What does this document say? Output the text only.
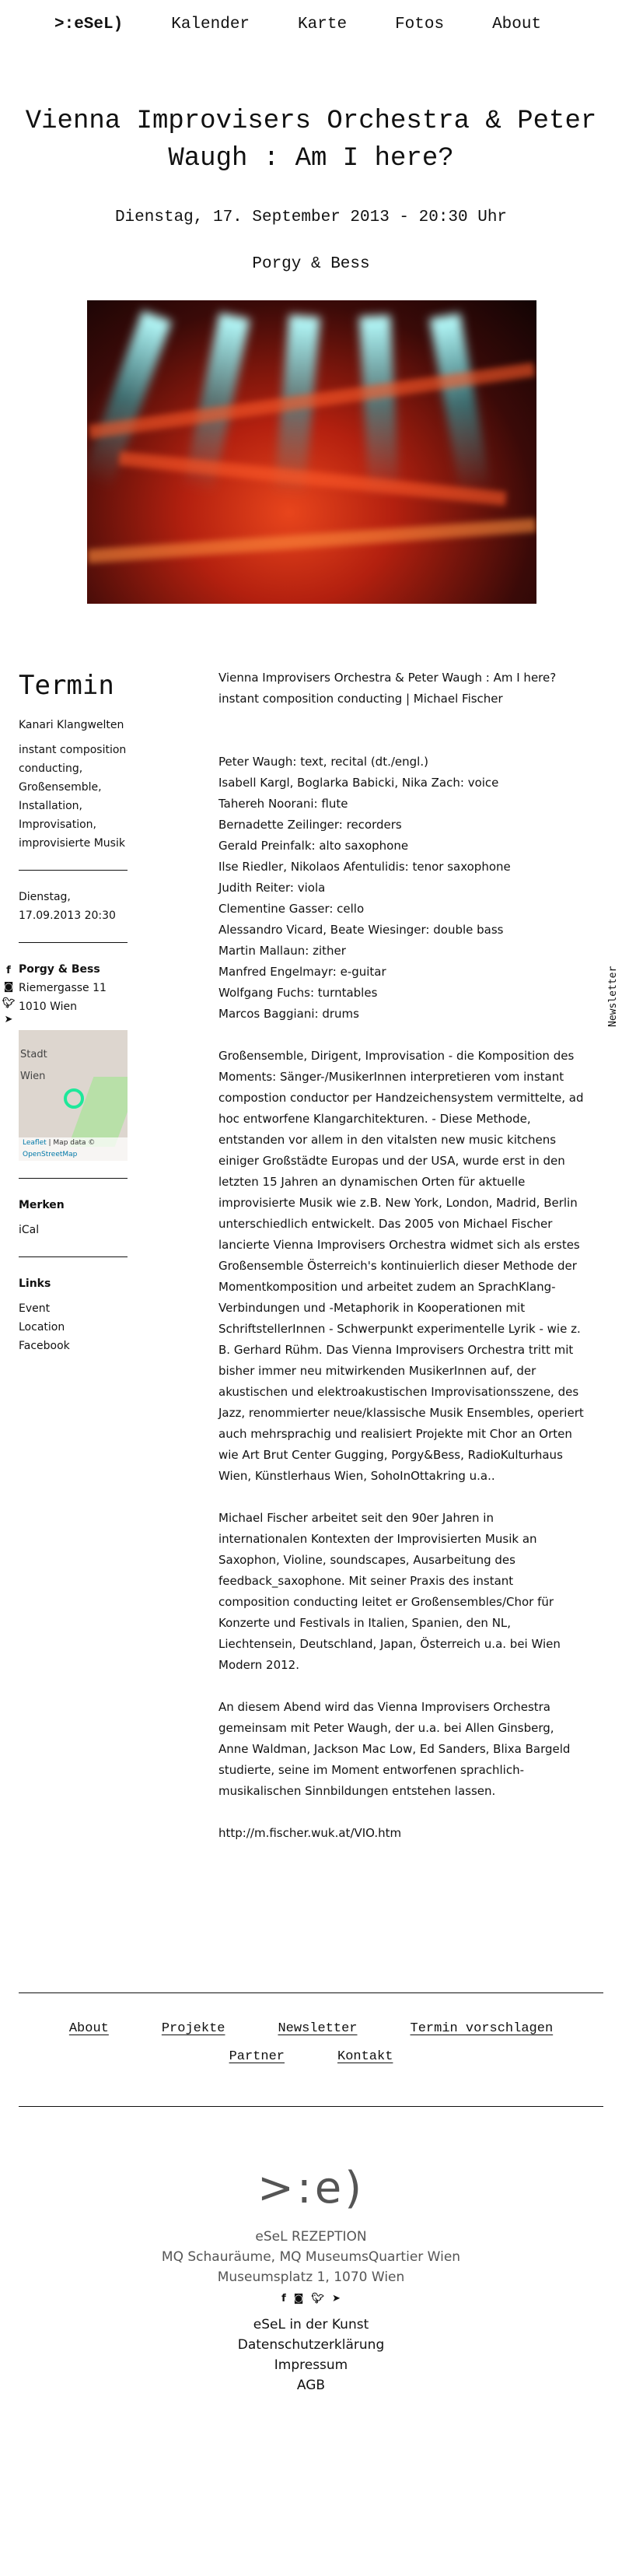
>:eSeL)	Kalender	Karte	Fotos	About
Vienna Improvisers Orchestra & Peter Waugh : Am I here?
Dienstag, 17. September 2013 - 20:30 Uhr
Porgy & Bess
Termin
Kanari Klangwelten
instant composition conducting, Großensemble, Installation, Improvisation, improvisierte Musik
Dienstag, 17.09.2013 20:30
Porgy & Bess
Riemergasse 11
1010 Wien
Stadt
Wien
Leaflet | Map data ©
OpenStreetMap
Merken
iCal
Links
Event
Location
Facebook
f
◙
🐦︎
➤

Vienna Improvisers Orchestra & Peter Waugh : Am I here?
instant composition conducting | Michael Fischer

Peter Waugh: text, recital (dt./engl.)
Isabell Kargl, Boglarka Babicki, Nika Zach: voice
Tahereh Noorani: flute
Bernadette Zeilinger: recorders
Gerald Preinfalk: alto saxophone
Ilse Riedler, Nikolaos Afentulidis: tenor saxophone
Judith Reiter: viola
Clementine Gasser: cello
Alessandro Vicard, Beate Wiesinger: double bass
Martin Mallaun: zither
Manfred Engelmayr: e-guitar
Wolfgang Fuchs: turntables
Marcos Baggiani: drums

Großensemble, Dirigent, Improvisation - die Komposition des Moments: Sänger-/MusikerInnen interpretieren vom instant compostion conductor per Handzeichensystem vermittelte, ad hoc entworfene Klangarchitekturen. - Diese Methode, entstanden vor allem in den vitalsten new music kitchens einiger Großstädte Europas und der USA, wurde erst in den letzten 15 Jahren an dynamischen Orten für aktuelle improvisierte Musik wie z.B. New York, London, Madrid, Berlin unterschiedlich entwickelt. Das 2005 von Michael Fischer lancierte Vienna Improvisers Orchestra widmet sich als erstes Großensemble Österreich's kontinuierlich dieser Methode der Momentkomposition und arbeitet zudem an SprachKlang-Verbindungen und -Metaphorik in Kooperationen mit SchriftstellerInnen - Schwerpunkt experimentelle Lyrik - wie z. B. Gerhard Rühm. Das Vienna Improvisers Orchestra tritt mit bisher immer neu mitwirkenden MusikerInnen auf, der akustischen und elektroakustischen Improvisationsszene, des Jazz, renommierter neue/klassische Musik Ensembles, operiert auch mehrsprachig und realisiert Projekte mit Chor an Orten wie Art Brut Center Gugging, Porgy&Bess, RadioKulturhaus Wien, Künstlerhaus Wien, SohoInOttakring u.a..

Michael Fischer arbeitet seit den 90er Jahren in internationalen Kontexten der Improvisierten Musik an Saxophon, Violine, soundscapes, Ausarbeitung des feedback_saxophone. Mit seiner Praxis des instant composition conducting leitet er Großensembles/Chor für Konzerte und Festivals in Italien, Spanien, den NL, Liechtensein, Deutschland, Japan, Österreich u.a. bei Wien Modern 2012.

An diesem Abend wird das Vienna Improvisers Orchestra gemeinsam mit Peter Waugh, der u.a. bei Allen Ginsberg, Anne Waldman, Jackson Mac Low, Ed Sanders, Blixa Bargeld studierte, seine im Moment entworfenen sprachlich-musikalischen Sinnbildungen entstehen lassen.

http://m.fischer.wuk.at/VIO.htm

Newsletter
About	Projekte	Newsletter	Termin vorschlagen
Partner	Kontakt
>:e)
eSeL REZEPTION
MQ Schauräume, MQ MuseumsQuartier Wien
Museumsplatz 1, 1070 Wien
f ◙ 🐦︎ ➤
eSeL in der Kunst
Datenschutzerklärung
Impressum
AGB
